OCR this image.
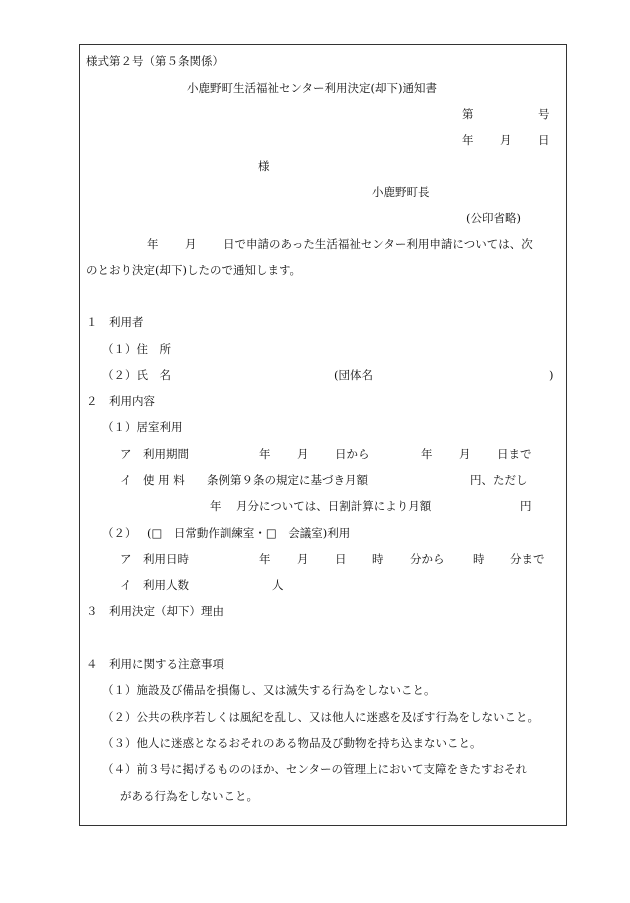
様式第２号（第５条関係）
小鹿野町生活福祉センター利用決定(却下)通知書
第	号
年 月 日
様
小鹿野町長
(公印省略)
年 月 日で申請のあった生活福祉センター利用申請については、次
のとおり決定(却下)したので通知します。
１　利用者
（１）住　所
（２）氏　名	(団体名	)
２　利用内容
（１）居室利用
ア　利用期間	年 月 日から	年 月 日まで
イ　使 用 料 条例第９条の規定に基づき月額	円、ただし
年 月分については、日割計算により月額	円
（２） (□　日常動作訓練室・□　会議室)利用
ア　利用日時	年 月 日 時 分から 時 分まで
イ　利用人数	人
３　利用決定（却下）理由
４　利用に関する注意事項
（１）施設及び備品を損傷し、又は滅失する行為をしないこと。
（２）公共の秩序若しくは風紀を乱し、又は他人に迷惑を及ぼす行為をしないこと。
（３）他人に迷惑となるおそれのある物品及び動物を持ち込まないこと。
（４）前３号に掲げるもののほか、センターの管理上において支障をきたすおそれ
がある行為をしないこと。
